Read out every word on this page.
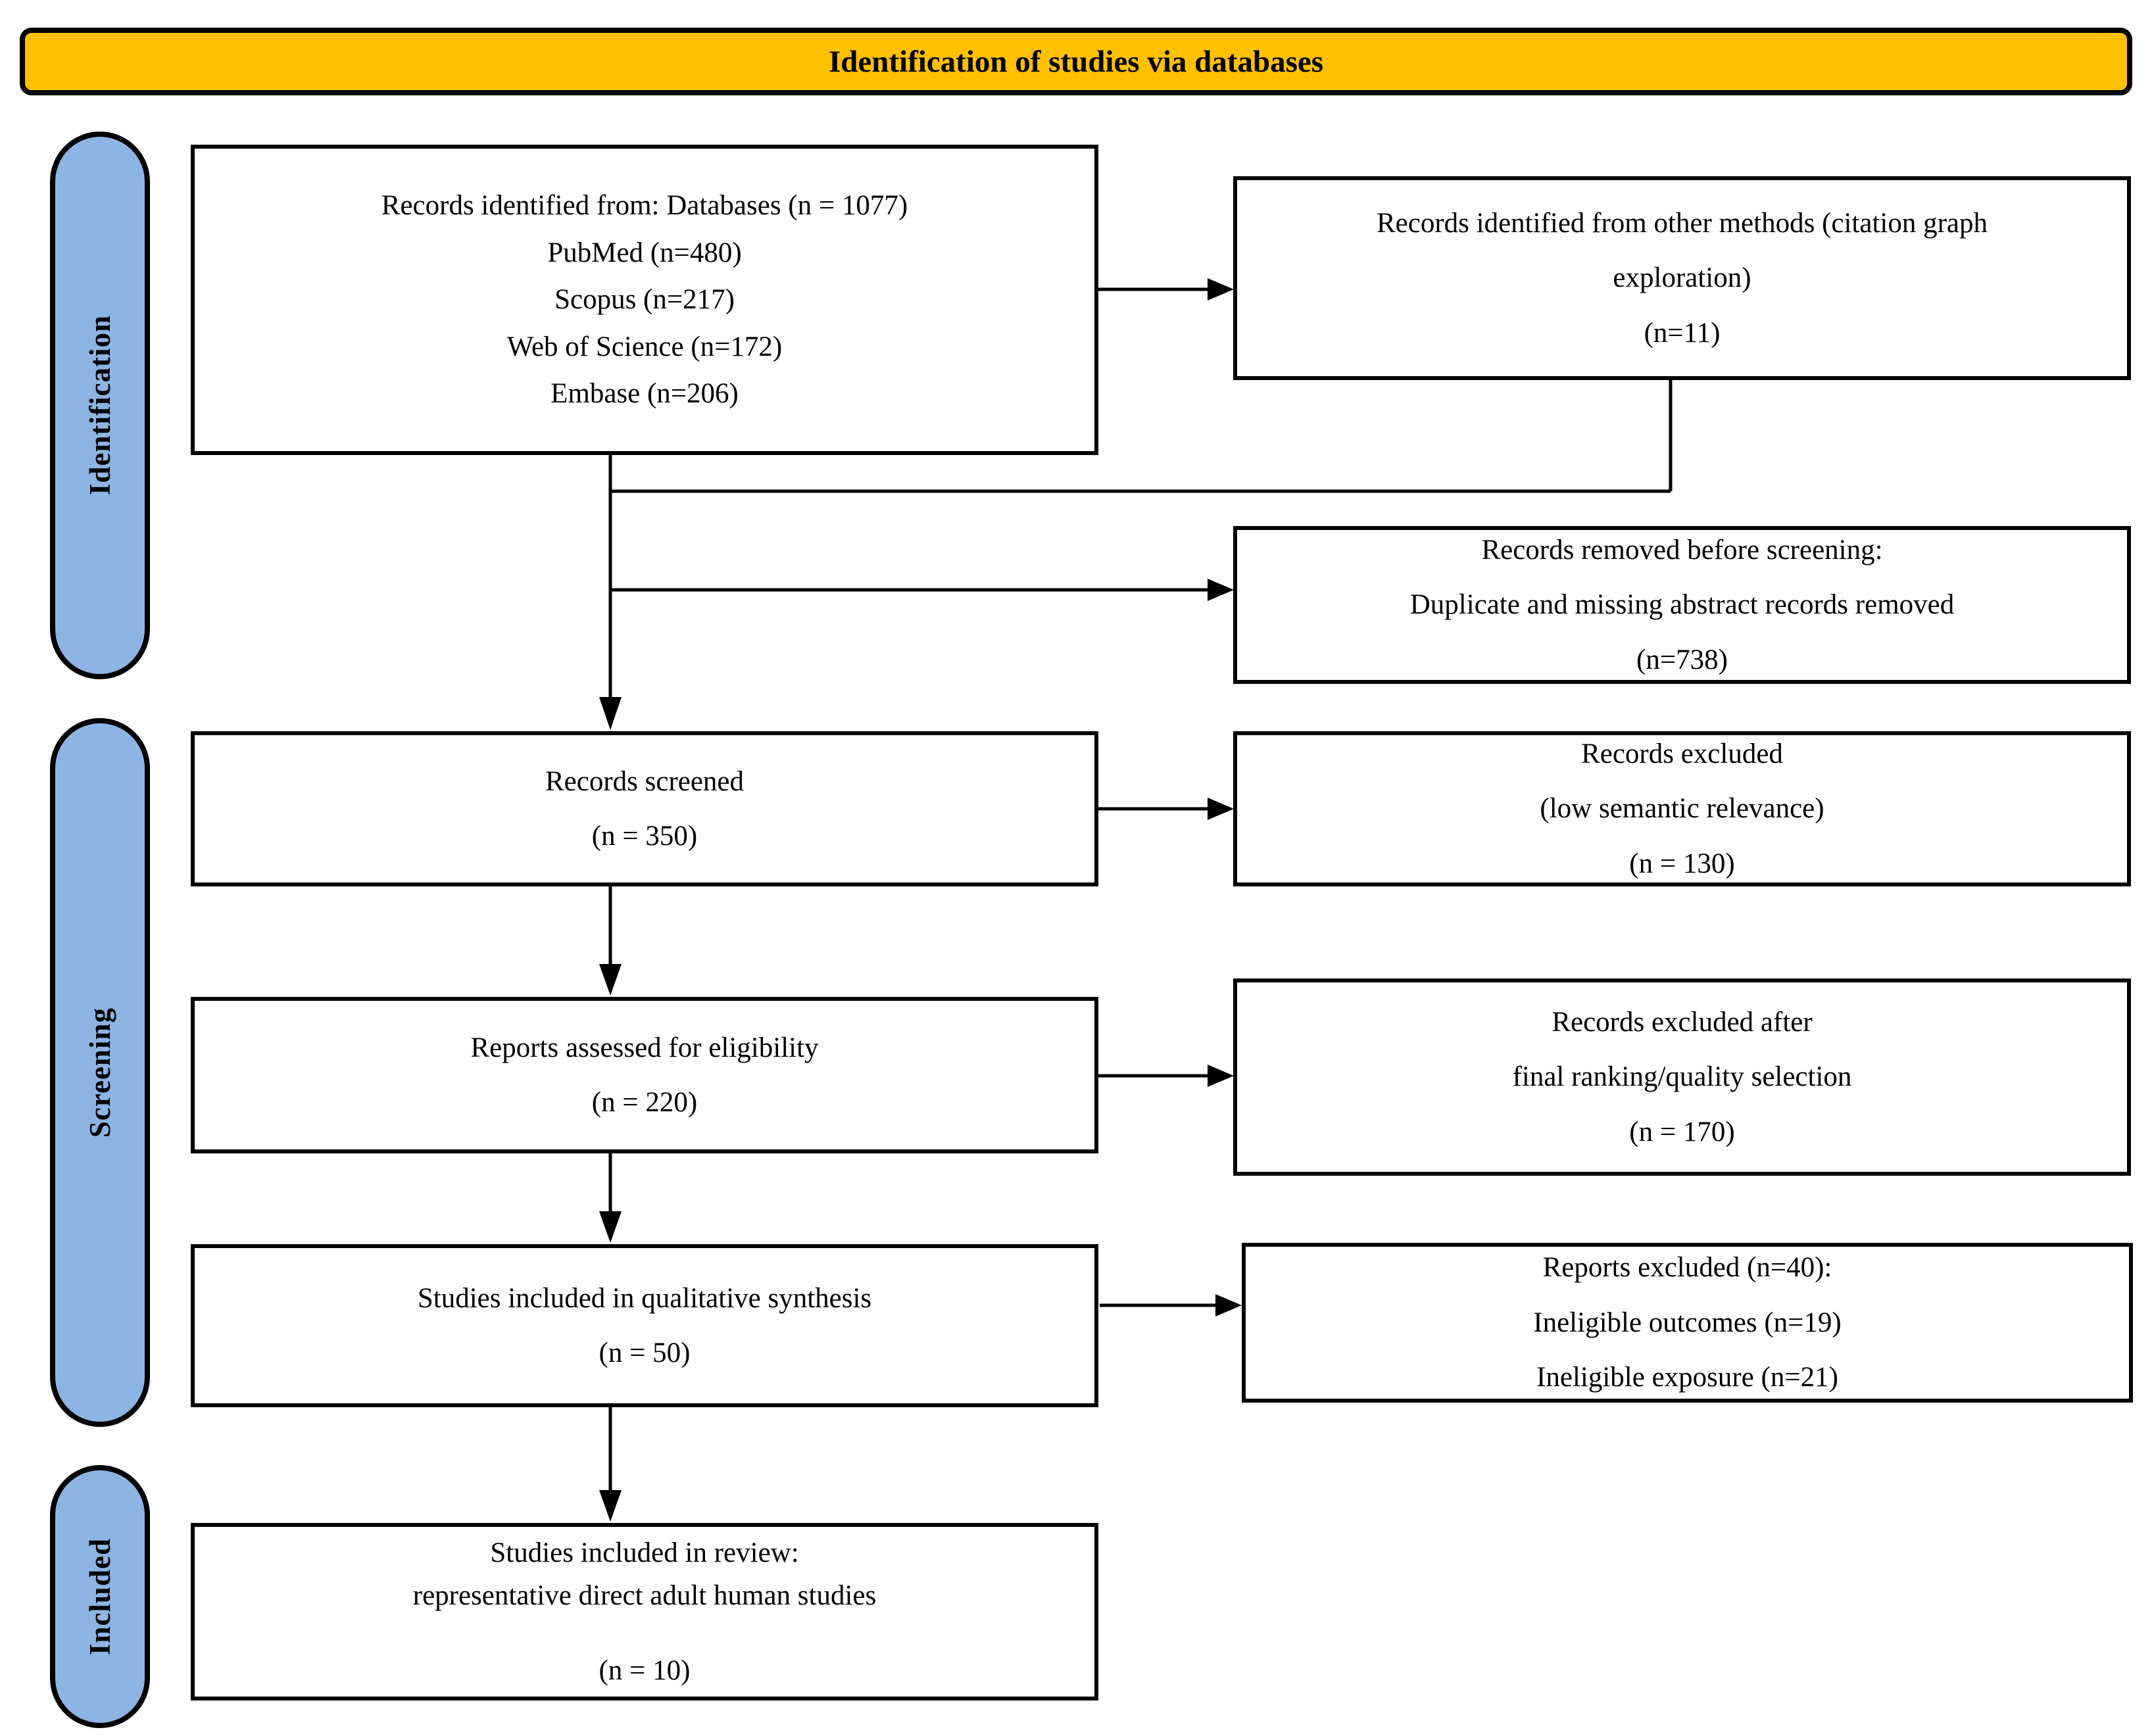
Identification of studies via databases
Identification
Screening
Included
Records identified from: Databases (n = 1077)
PubMed (n=480)
Scopus (n=217)
Web of Science (n=172)
Embase (n=206)
Records screened
(n = 350)
Reports assessed for eligibility
(n = 220)
Studies included in qualitative synthesis
(n = 50)
Studies included in review:
representative direct adult human studies
(n = 10)
Records identified from other methods (citation graph
exploration)
(n=11)
Records removed before screening:
Duplicate and missing abstract records removed
(n=738)
Records excluded
(low semantic relevance)
(n = 130)
Records excluded after
final ranking/quality selection
(n = 170)
Reports excluded (n=40):
Ineligible outcomes (n=19)
Ineligible exposure (n=21)
